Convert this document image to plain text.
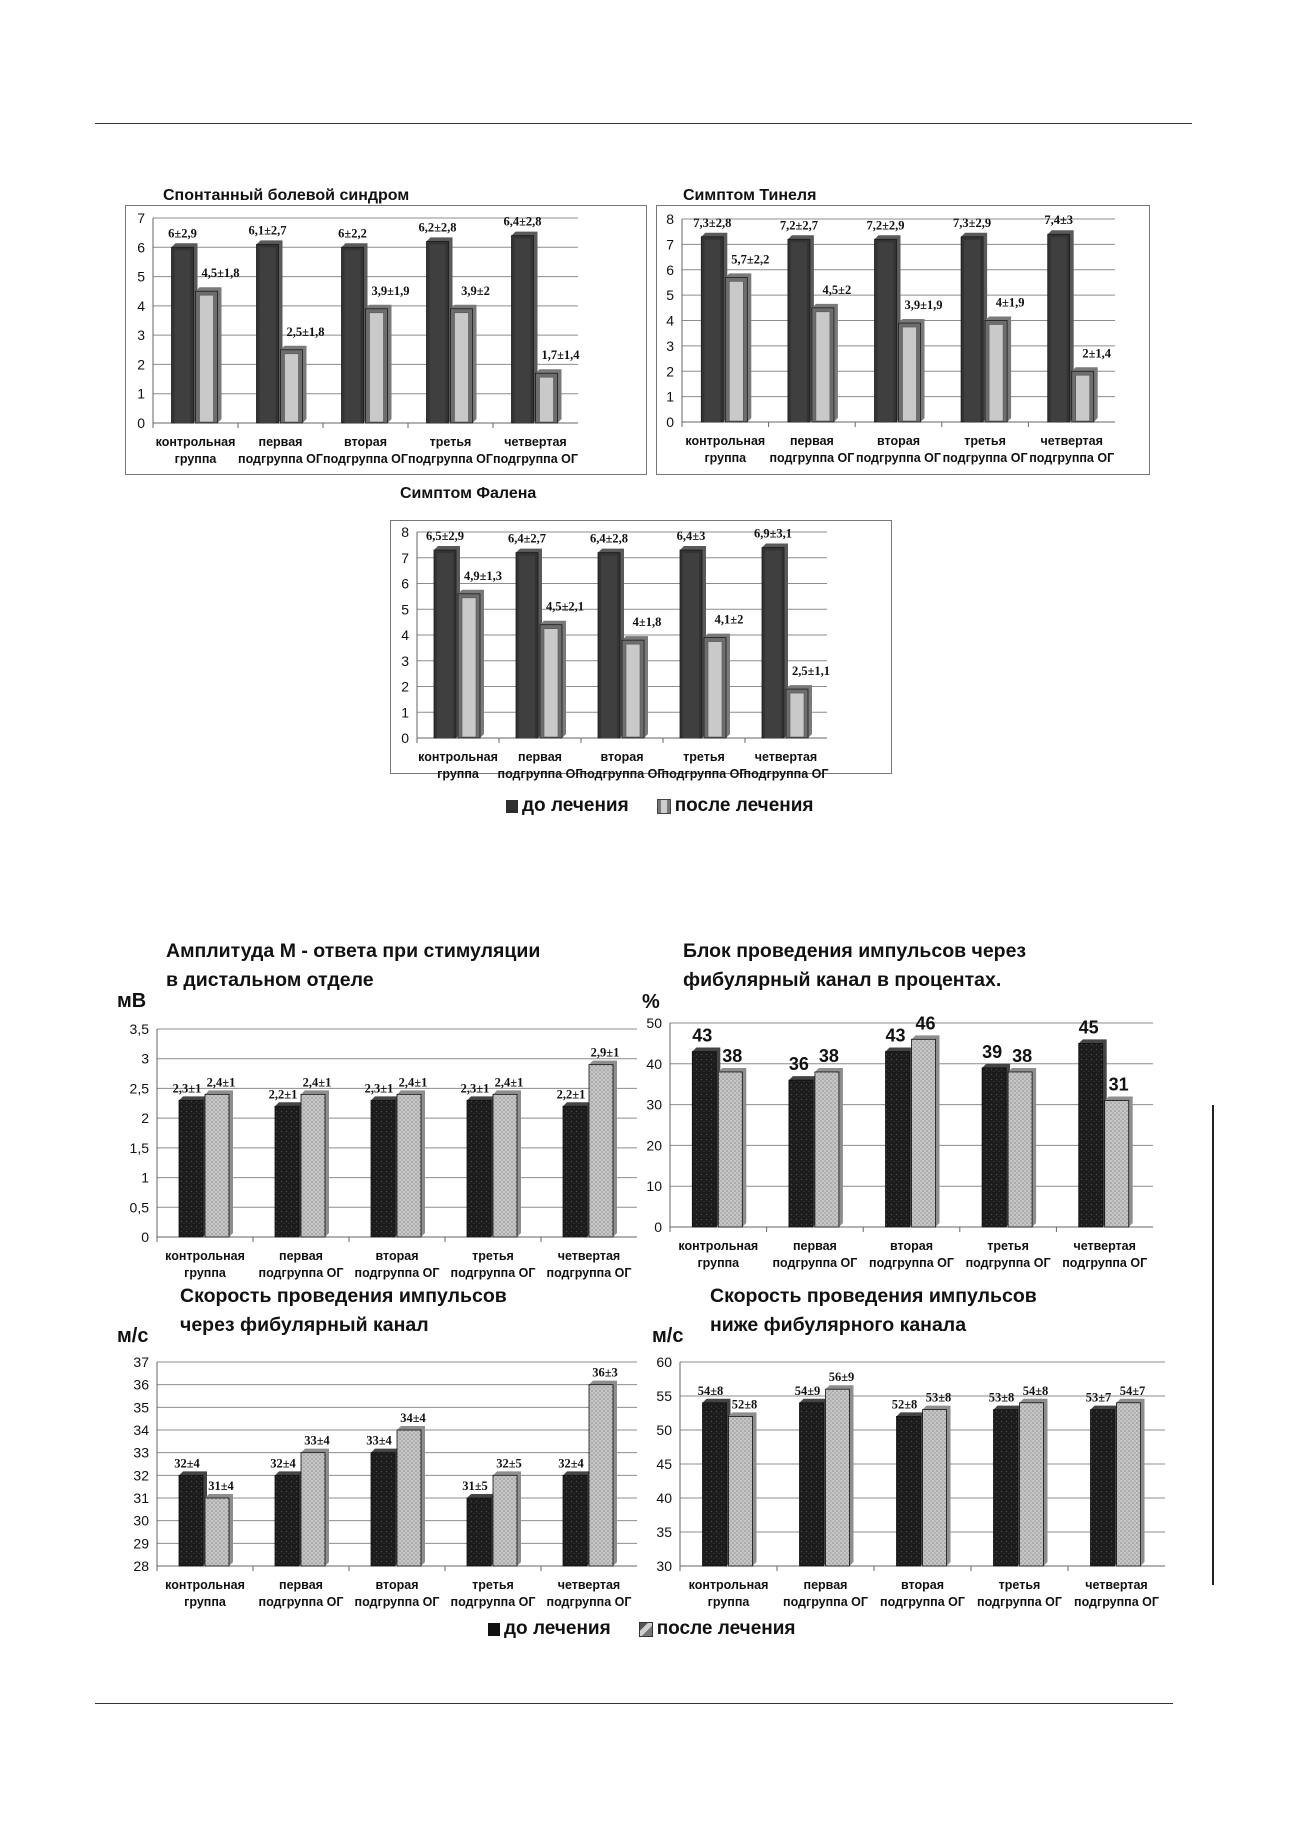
Спонтанный болевой синдром
0
1
2
3
4
5
6
7
контрольная
группа
6±2,9
4,5±1,8
первая
подгруппа ОГ
6,1±2,7
2,5±1,8
вторая
подгруппа ОГ
6±2,2
3,9±1,9
третья
подгруппа ОГ
6,2±2,8
3,9±2
четвертая
подгруппа ОГ
6,4±2,8
1,7±1,4
Симптом Тинеля
0
1
2
3
4
5
6
7
8
контрольная
группа
7,3±2,8
5,7±2,2
первая
подгруппа ОГ
7,2±2,7
4,5±2
вторая
подгруппа ОГ
7,2±2,9
3,9±1,9
третья
подгруппа ОГ
7,3±2,9
4±1,9
четвертая
подгруппа ОГ
7,4±3
2±1,4
Симптом Фалена
0
1
2
3
4
5
6
7
8
контрольная
группа
6,5±2,9
4,9±1,3
первая
подгруппа ОГ
6,4±2,7
4,5±2,1
вторая
подгруппа ОГ
6,4±2,8
4±1,8
третья
подгруппа ОГ
6,4±3
4,1±2
четвертая
подгруппа ОГ
6,9±3,1
2,5±1,1
до лечения после лечения
Амплитуда М - ответа при стимуляции
в дистальном отделе
мВ
0
0,5
1
1,5
2
2,5
3
3,5
контрольная
группа
2,3±1 2,4±1
первая
подгруппа ОГ
2,2±1
2,4±1
вторая
подгруппа ОГ
2,3±1 2,4±1
третья
подгруппа ОГ
2,3±1 2,4±1
четвертая
подгруппа ОГ
2,2±1
2,9±1
Блок проведения импульсов через
фибулярный канал в процентах.
%
0
10
20
30
40
50
контрольная
группа
43
38
первая
подгруппа ОГ
36 38
вторая
подгруппа ОГ
43
46
третья
подгруппа ОГ
39 38
четвертая
подгруппа ОГ
45
31
Скорость проведения импульсов
через фибулярный канал
м/с
28
29
30
31
32
33
34
35
36
37
контрольная
группа
32±4
31±4
первая
подгруппа ОГ
32±4
33±4
вторая
подгруппа ОГ
33±4
34±4
третья
подгруппа ОГ
31±5
32±5
четвертая
подгруппа ОГ
32±4
36±3
Скорость проведения импульсов
ниже фибулярного канала
м/с
30
35
40
45
50
55
60
контрольная
группа
54±8
52±8
первая
подгруппа ОГ
54±9
56±9
вторая
подгруппа ОГ
52±8 53±8
третья
подгруппа ОГ
53±8 54±8
четвертая
подгруппа ОГ
53±7 54±7
до лечения после лечения
